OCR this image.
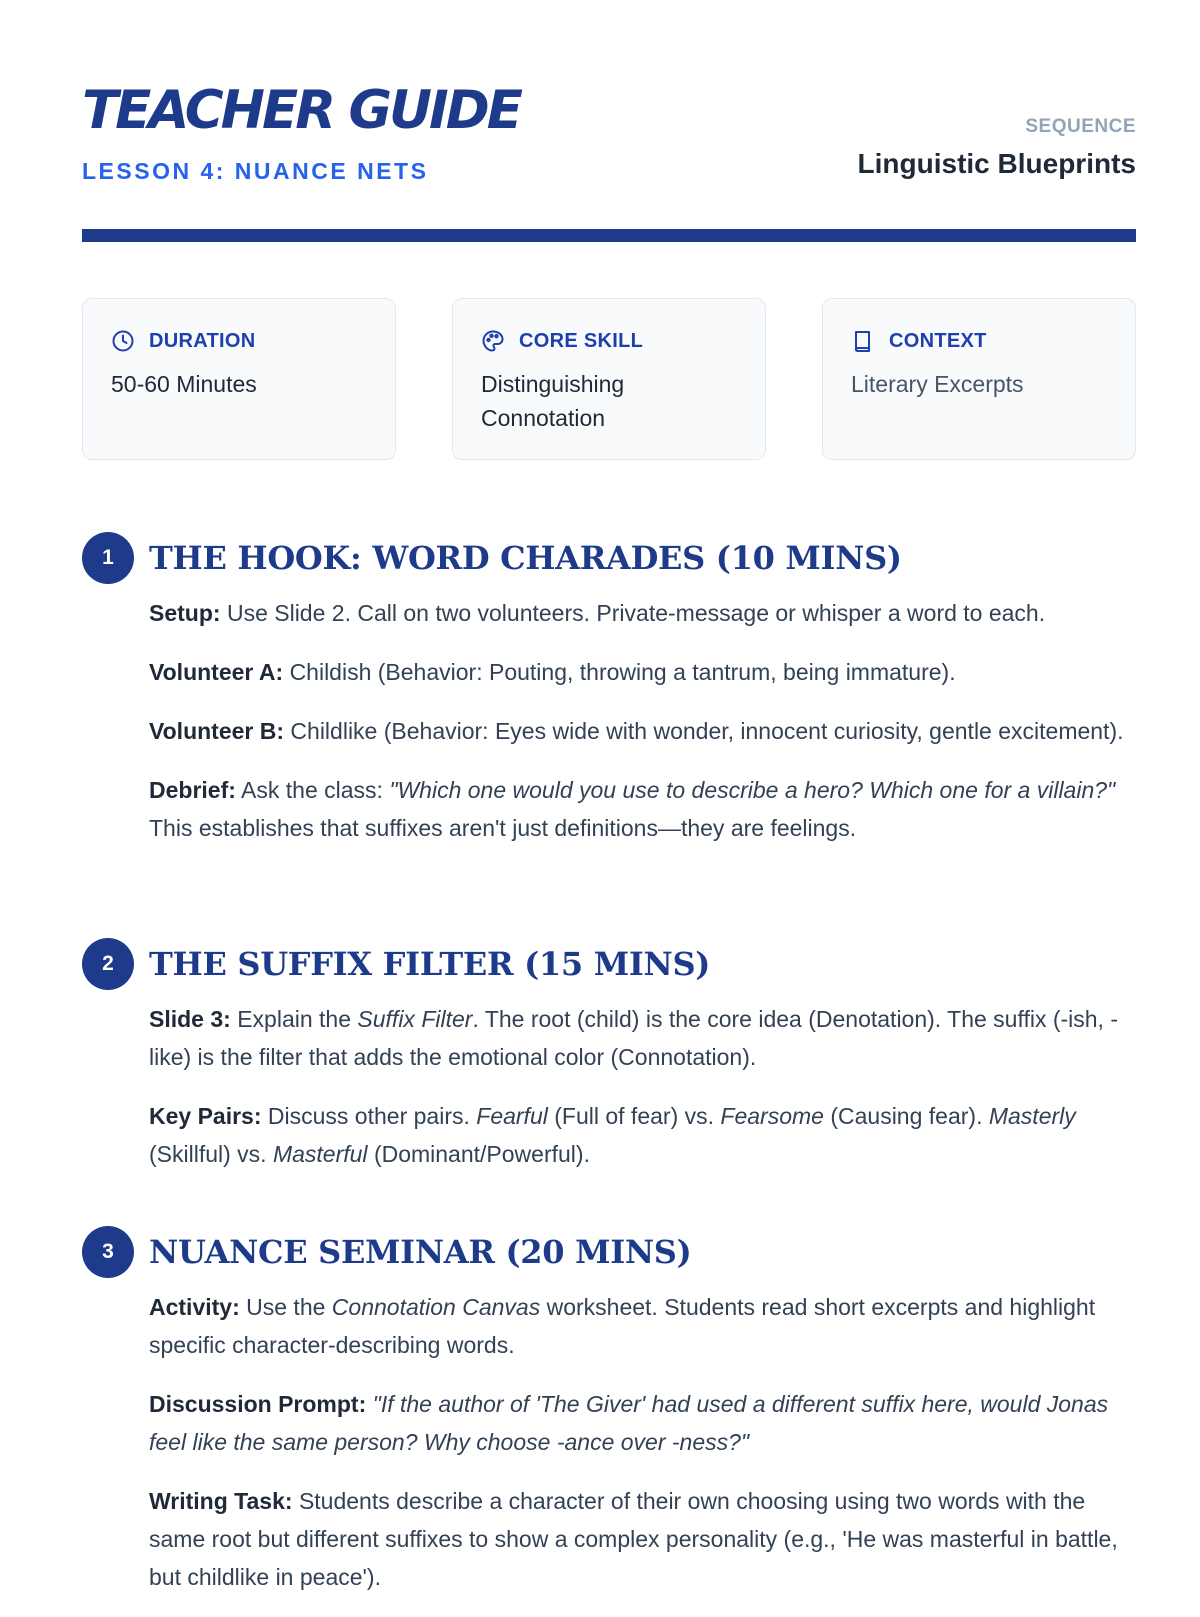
TEACHER GUIDE
LESSON 4: NUANCE NETS
SEQUENCE
Linguistic Blueprints
DURATION
50-60 Minutes
CORE SKILL
Distinguishing Connotation
CONTEXT
Literary Excerpts
1	THE HOOK: WORD CHARADES (10 MINS)

Setup: Use Slide 2. Call on two volunteers. Private-message or whisper a word to each.

Volunteer A: Childish (Behavior: Pouting, throwing a tantrum, being immature).

Volunteer B: Childlike (Behavior: Eyes wide with wonder, innocent curiosity, gentle excitement).

Debrief: Ask the class: "Which one would you use to describe a hero? Which one for a villain?" This establishes that suffixes aren't just definitions—they are feelings.

2	THE SUFFIX FILTER (15 MINS)

Slide 3: Explain the Suffix Filter. The root (child) is the core idea (Denotation). The suffix (-ish, -like) is the filter that adds the emotional color (Connotation).

Key Pairs: Discuss other pairs. Fearful (Full of fear) vs. Fearsome (Causing fear). Masterly (Skillful) vs. Masterful (Dominant/Powerful).

3	NUANCE SEMINAR (20 MINS)

Activity: Use the Connotation Canvas worksheet. Students read short excerpts and highlight specific character-describing words.

Discussion Prompt: "If the author of 'The Giver' had used a different suffix here, would Jonas feel like the same person? Why choose -ance over -ness?"

Writing Task: Students describe a character of their own choosing using two words with the same root but different suffixes to show a complex personality (e.g., 'He was masterful in battle, but childlike in peace').
